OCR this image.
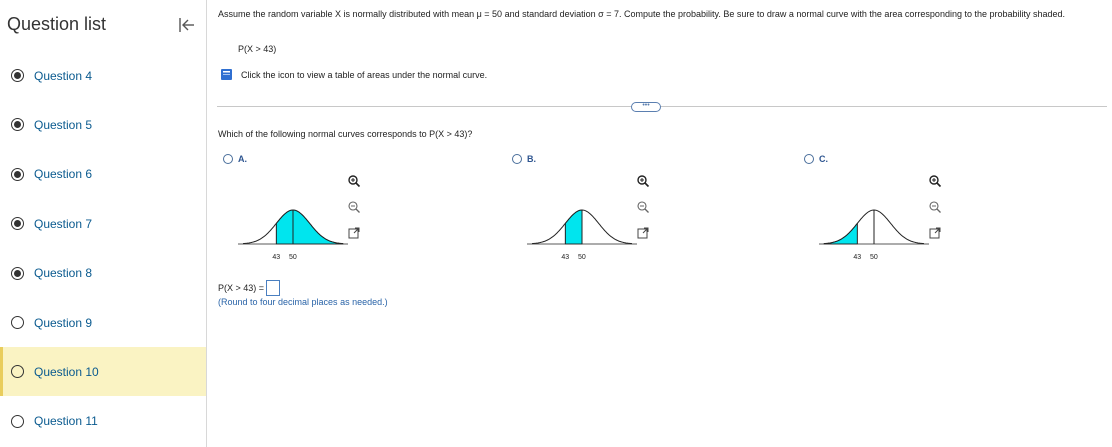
Question list
Question 4
Question 5
Question 6
Question 7
Question 8
Question 9
Question 10
Question 11
Assume the random variable X is normally distributed with mean μ = 50 and standard deviation σ = 7. Compute the probability. Be sure to draw a normal curve with the area corresponding to the probability shaded.
P(X > 43)
Click the icon to view a table of areas under the normal curve.
•••
Which of the following normal curves corresponds to P(X > 43)?
A.
43 50
B.
43 50
C.
43 50
P(X > 43) =
(Round to four decimal places as needed.)
